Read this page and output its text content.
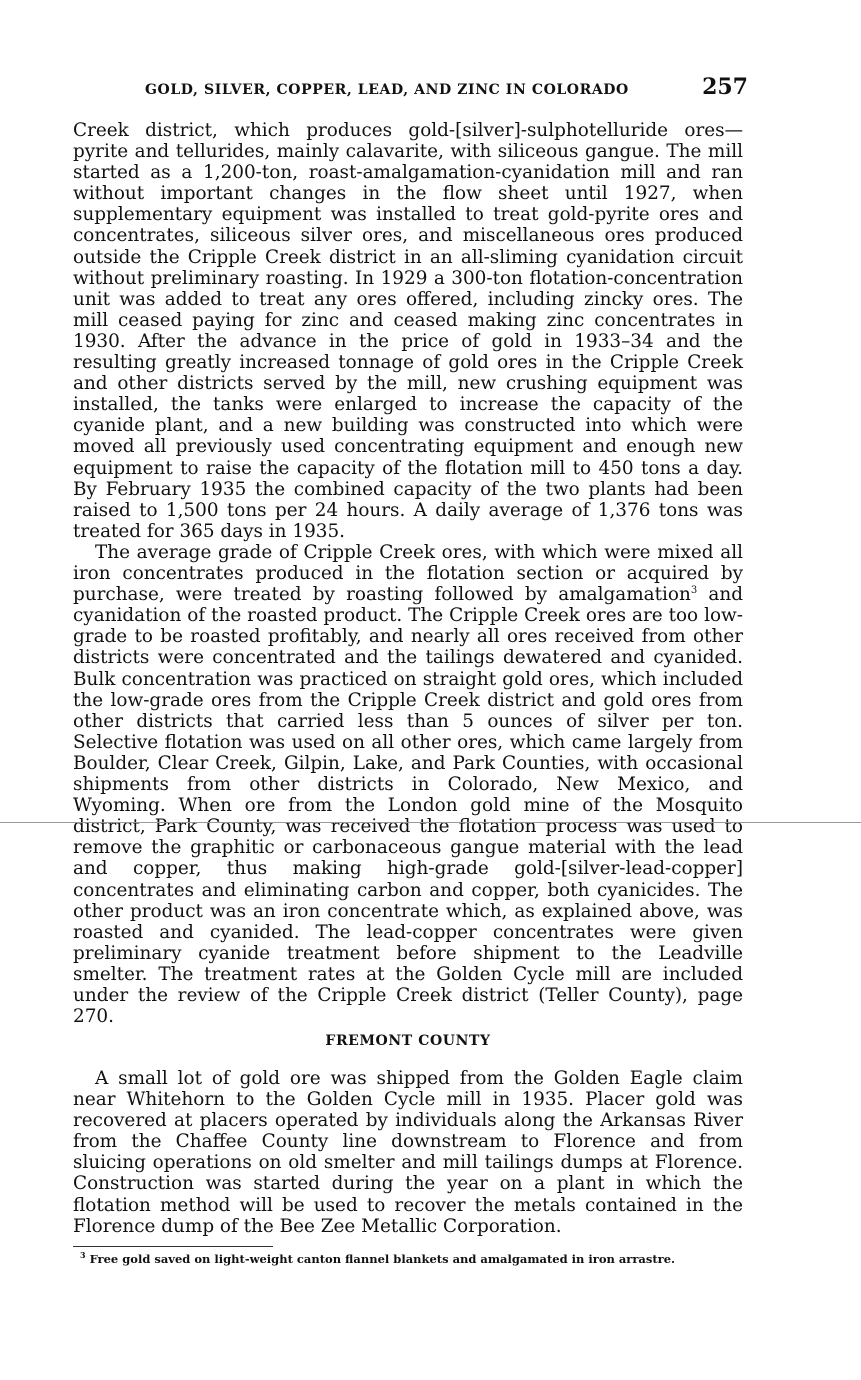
GOLD, SILVER, COPPER, LEAD, AND ZINC IN COLORADO	257

Creek district, which produces gold-[silver]-sulphotelluride ores—pyrite and tellurides, mainly calavarite, with siliceous gangue. The mill started as a 1,200-ton, roast-amalgamation-cyanidation mill and ran without important changes in the flow sheet until 1927, when supplementary equipment was installed to treat gold-pyrite ores and concentrates, siliceous silver ores, and miscellaneous ores produced outside the Cripple Creek district in an all-sliming cyanidation circuit without preliminary roasting. In 1929 a 300-ton flotation-concentration unit was added to treat any ores offered, including zincky ores. The mill ceased paying for zinc and ceased making zinc concentrates in 1930. After the advance in the price of gold in 1933–34 and the resulting greatly increased tonnage of gold ores in the Cripple Creek and other districts served by the mill, new crushing equipment was installed, the tanks were enlarged to increase the capacity of the cyanide plant, and a new building was constructed into which were moved all previously used concentrating equipment and enough new equipment to raise the capacity of the flotation mill to 450 tons a day. By February 1935 the combined capacity of the two plants had been raised to 1,500 tons per 24 hours. A daily average of 1,376 tons was treated for 365 days in 1935.

The average grade of Cripple Creek ores, with which were mixed all iron concentrates produced in the flotation section or acquired by purchase, were treated by roasting followed by amalgamation$^3$ and cyanidation of the roasted product. The Cripple Creek ores are too low-grade to be roasted profitably, and nearly all ores received from other districts were concentrated and the tailings dewatered and cyanided. Bulk concentration was practiced on straight gold ores, which included the low-grade ores from the Cripple Creek district and gold ores from other districts that carried less than 5 ounces of silver per ton. Selective flotation was used on all other ores, which came largely from Boulder, Clear Creek, Gilpin, Lake, and Park Counties, with occasional shipments from other districts in Colorado, New Mexico, and Wyoming. When ore from the London gold mine of the Mosquito district, Park County, was received the flotation process was used to remove the graphitic or carbonaceous gangue material with the lead and copper, thus making high-grade gold-[silver-lead-copper] concentrates and eliminating carbon and copper, both cyanicides. The other product was an iron concentrate which, as explained above, was roasted and cyanided. The lead-copper concentrates were given preliminary cyanide treatment before shipment to the Leadville smelter. The treatment rates at the Golden Cycle mill are included under the review of the Cripple Creek district (Teller County), page 270.

FREMONT COUNTY

A small lot of gold ore was shipped from the Golden Eagle claim near Whitehorn to the Golden Cycle mill in 1935. Placer gold was recovered at placers operated by individuals along the Arkansas River from the Chaffee County line downstream to Florence and from sluicing operations on old smelter and mill tailings dumps at Florence. Construction was started during the year on a plant in which the flotation method will be used to recover the metals contained in the Florence dump of the Bee Zee Metallic Corporation.

$^3$ Free gold saved on light-weight canton flannel blankets and amalgamated in iron arrastre.
